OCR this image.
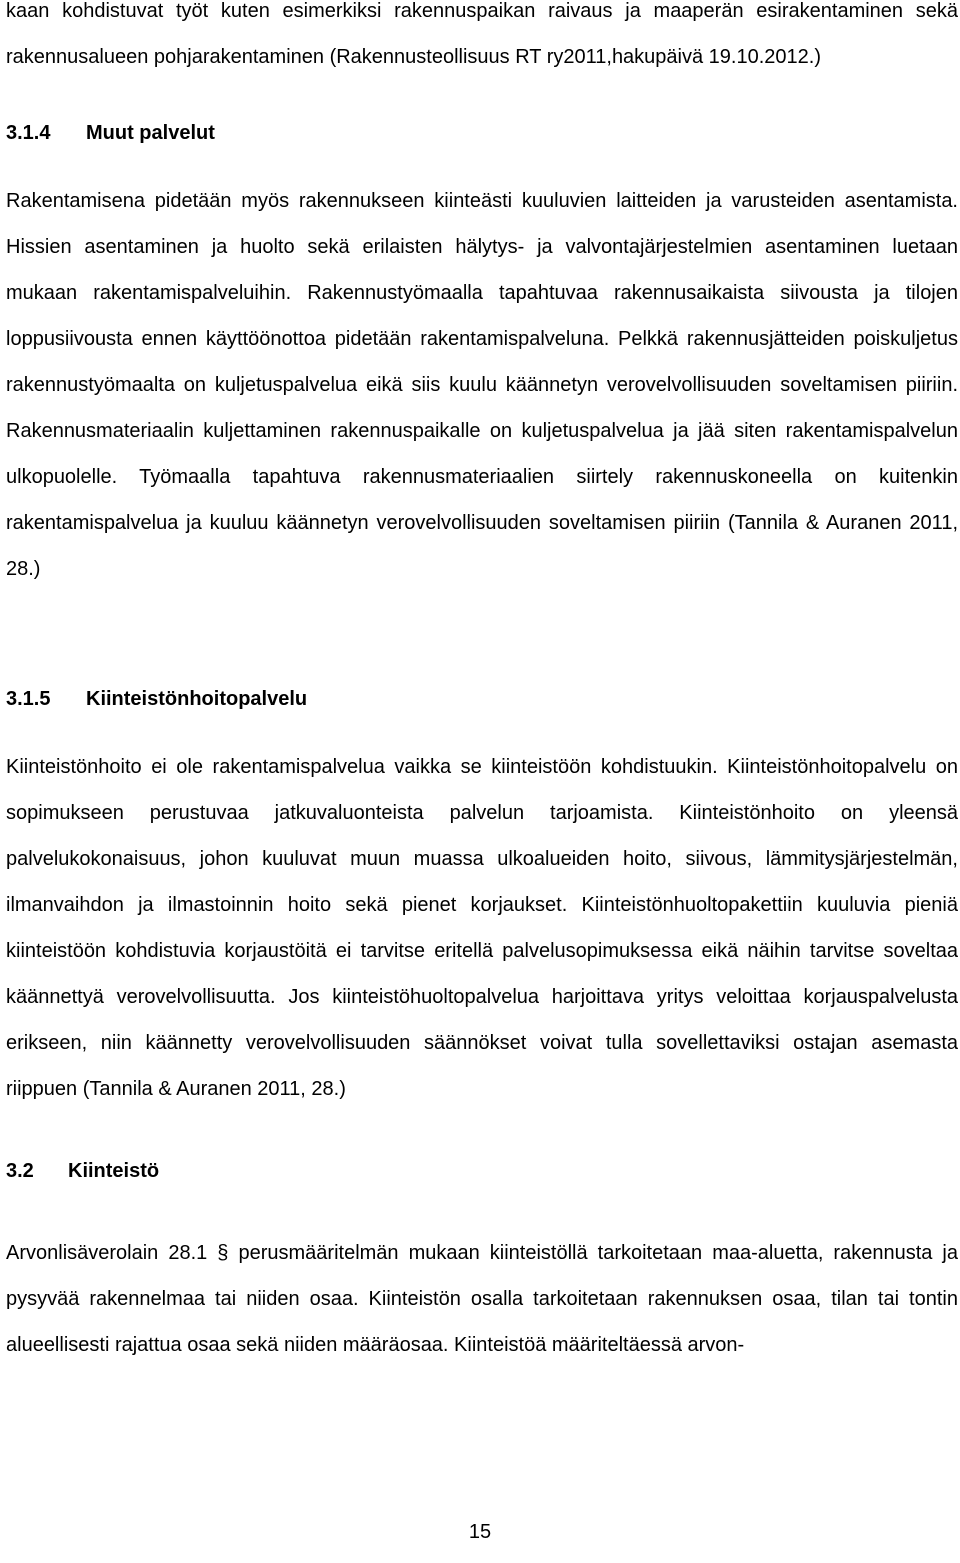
kaan kohdistuvat työt kuten esimerkiksi rakennuspaikan raivaus ja maaperän esirakentaminen sekä rakennusalueen pohjarakentaminen (Rakennusteollisuus RT ry2011,hakupäivä 19.10.2012.)

3.1.4 Muut palvelut

Rakentamisena pidetään myös rakennukseen kiinteästi kuuluvien laitteiden ja varusteiden asentamista. Hissien asentaminen ja huolto sekä erilaisten hälytys- ja valvontajärjestelmien asentaminen luetaan mukaan rakentamispalveluihin. Rakennustyömaalla tapahtuvaa rakennusaikaista siivousta ja tilojen loppusiivousta ennen käyttöönottoa pidetään rakentamispalveluna. Pelkkä rakennusjätteiden poiskuljetus rakennustyömaalta on kuljetuspalvelua eikä siis kuulu käännetyn verovelvollisuuden soveltamisen piiriin. Rakennusmateriaalin kuljettaminen rakennuspaikalle on kuljetuspalvelua ja jää siten rakentamispalvelun ulkopuolelle. Työmaalla tapahtuva rakennusmateriaalien siirtely rakennuskoneella on kuitenkin rakentamispalvelua ja kuuluu käännetyn verovelvollisuuden soveltamisen piiriin (Tannila & Auranen 2011, 28.)

3.1.5 Kiinteistönhoitopalvelu

Kiinteistönhoito ei ole rakentamispalvelua vaikka se kiinteistöön kohdistuukin. Kiinteistönhoitopalvelu on sopimukseen perustuvaa jatkuvaluonteista palvelun tarjoamista. Kiinteistönhoito on yleensä palvelukokonaisuus, johon kuuluvat muun muassa ulkoalueiden hoito, siivous, lämmitysjärjestelmän, ilmanvaihdon ja ilmastoinnin hoito sekä pienet korjaukset. Kiinteistönhuoltopakettiin kuuluvia pieniä kiinteistöön kohdistuvia korjaustöitä ei tarvitse eritellä palvelusopimuksessa eikä näihin tarvitse soveltaa käännettyä verovelvollisuutta. Jos kiinteistöhuoltopalvelua harjoittava yritys veloittaa korjauspalvelusta erikseen, niin käännetty verovelvollisuuden säännökset voivat tulla sovellettaviksi ostajan asemasta riippuen (Tannila & Auranen 2011, 28.)

3.2 Kiinteistö

Arvonlisäverolain 28.1 § perusmääritelmän mukaan kiinteistöllä tarkoitetaan maa-aluetta, rakennusta ja pysyvää rakennelmaa tai niiden osaa. Kiinteistön osalla tarkoitetaan rakennuksen osaa, tilan tai tontin alueellisesti rajattua osaa sekä niiden määräosaa. Kiinteistöä määriteltäessä arvon-

15
